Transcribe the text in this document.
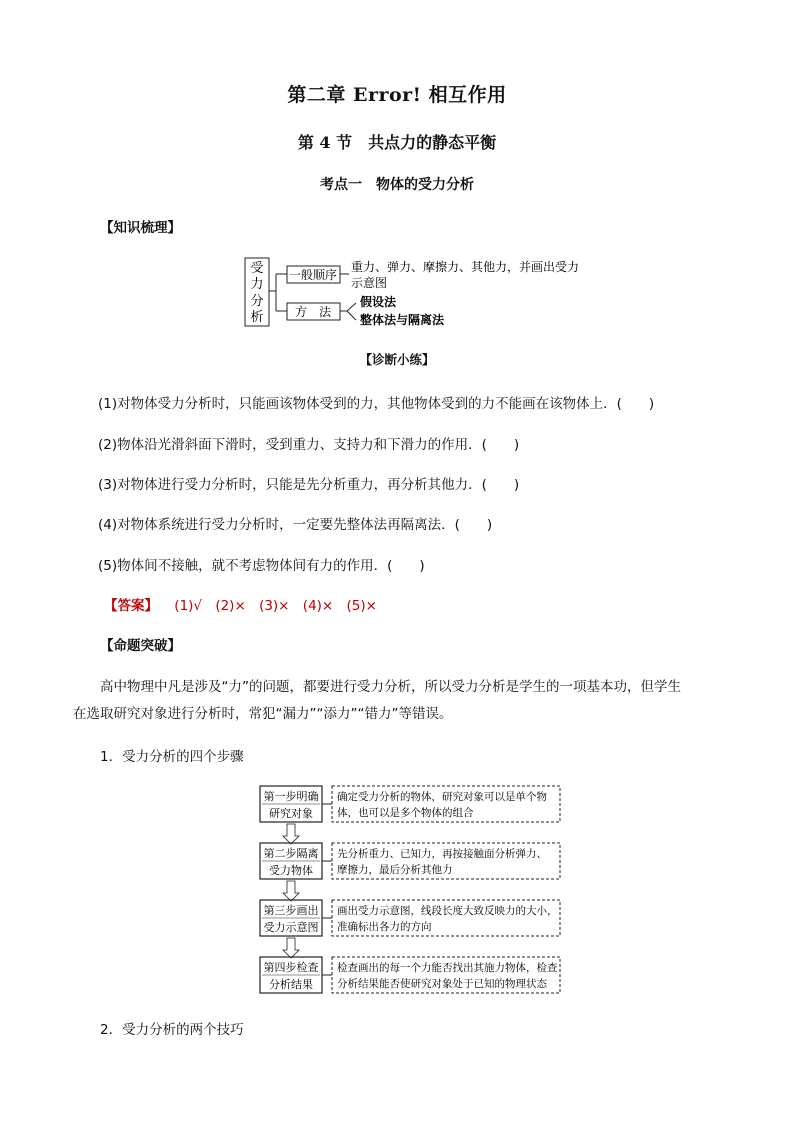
第二章 Error! 相互作用
第 4 节　共点力的静态平衡
考点一　物体的受力分析
【知识梳理】
受
力
分
析
一般顺序
重力、弹力、摩擦力、其他力，并画出受力
示意图
方　法
假设法
整体法与隔离法
【诊断小练】
(1)对物体受力分析时，只能画该物体受到的力，其他物体受到的力不能画在该物体上．(　　)
(2)物体沿光滑斜面下滑时，受到重力、支持力和下滑力的作用．(　　)
(3)对物体进行受力分析时，只能是先分析重力，再分析其他力．(　　)
(4)对物体系统进行受力分析时，一定要先整体法再隔离法．(　　)
(5)物体间不接触，就不考虑物体间有力的作用．(　　)
【答案】 (1)√ (2)× (3)× (4)× (5)×
【命题突破】
高中物理中凡是涉及“力”的问题，都要进行受力分析，所以受力分析是学生的一项基本功，但学生
在选取研究对象进行分析时，常犯“漏力”“添力”“错力”等错误。
1．受力分析的四个步骤
第一步明确
研究对象
确定受力分析的物体，研究对象可以是单个物
体，也可以是多个物体的组合
第二步隔离
受力物体
先分析重力、已知力，再按接触面分析弹力、
摩擦力，最后分析其他力
第三步画出
受力示意图
画出受力示意图，线段长度大致反映力的大小，
准确标出各力的方向
第四步检查
分析结果
检查画出的每一个力能否找出其施力物体，检查
分析结果能否使研究对象处于已知的物理状态
2．受力分析的两个技巧
